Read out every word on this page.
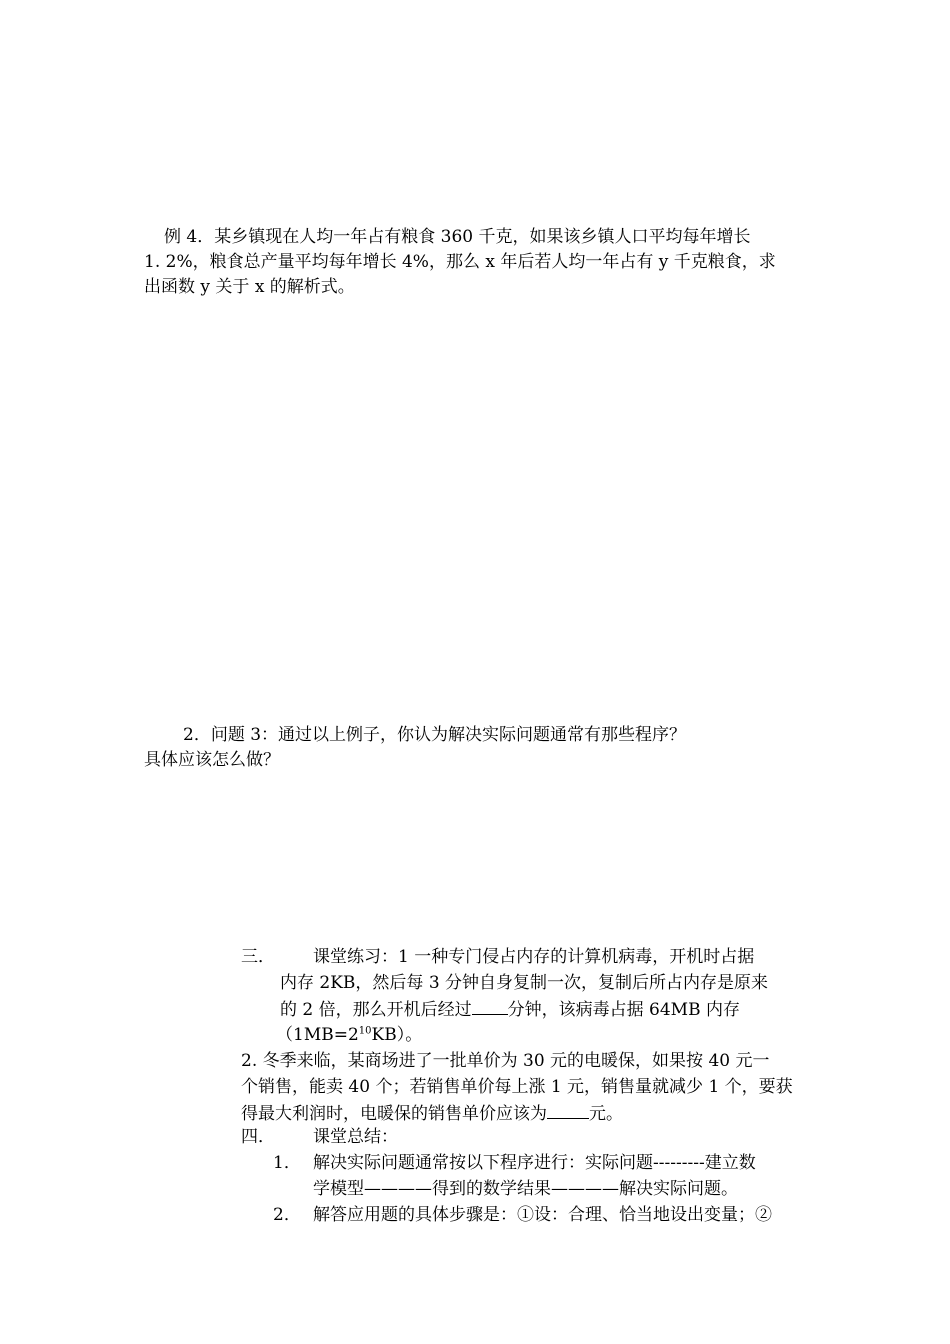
例 4．某乡镇现在人均一年占有粮食 360 千克，如果该乡镇人口平均每年增长
1. 2%，粮食总产量平均每年增长 4%，那么 x 年后若人均一年占有 y 千克粮食，求
出函数 y 关于 x 的解析式。
2．问题 3：通过以上例子，你认为解决实际问题通常有那些程序？
具体应该怎么做？
三． 课堂练习：1 一种专门侵占内存的计算机病毒，开机时占据
内存 2KB，然后每 3 分钟自身复制一次，复制后所占内存是原来
的 2 倍，那么开机后经过 分钟，该病毒占据 64MB 内存
$(1MB=2^{10}KB)$。
2. 冬季来临，某商场进了一批单价为 30 元的电暖保，如果按 40 元一
个销售，能卖 40 个；若销售单价每上涨 1 元，销售量就减少 1 个，要获
得最大利润时，电暖保的销售单价应该为 元。
四． 课堂总结：
1． 解决实际问题通常按以下程序进行：实际问题---------建立数
学模型————得到的数学结果————解决实际问题。
2． 解答应用题的具体步骤是：①设：合理、恰当地设出变量；②
